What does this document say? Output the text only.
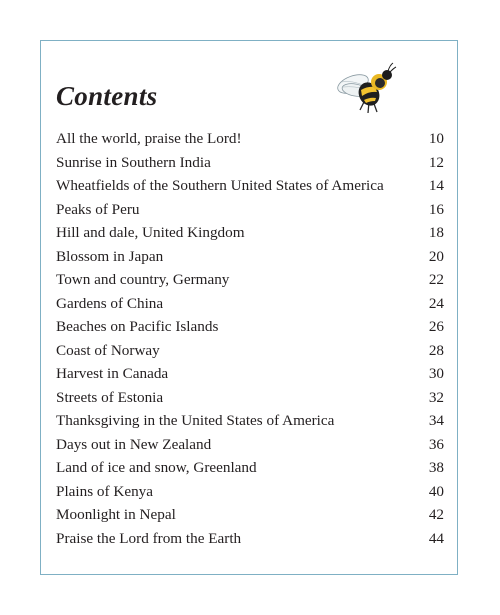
Contents
All the world, praise the Lord!	10
Sunrise in Southern India	12
Wheatfields of the Southern United States of America	14
Peaks of Peru	16
Hill and dale, United Kingdom	18
Blossom in Japan	20
Town and country, Germany	22
Gardens of China	24
Beaches on Pacific Islands	26
Coast of Norway	28
Harvest in Canada	30
Streets of Estonia	32
Thanksgiving in the United States of America	34
Days out in New Zealand	36
Land of ice and snow, Greenland	38
Plains of Kenya	40
Moonlight in Nepal	42
Praise the Lord from the Earth	44
